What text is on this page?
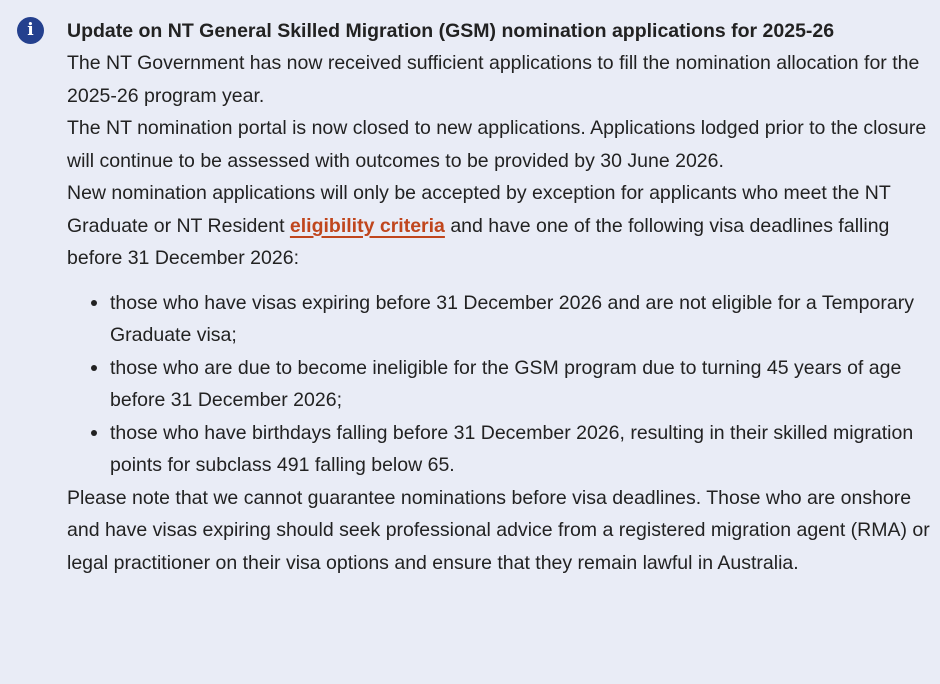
i	Update on NT General Skilled Migration (GSM) nomination applications for 2025-26

The NT Government has now received sufficient applications to fill the nomination allocation for the 2025-26 program year.

The NT nomination portal is now closed to new applications. Applications lodged prior to the closure will continue to be assessed with outcomes to be provided by 30 June 2026.

New nomination applications will only be accepted by exception for applicants who meet the NT Graduate or NT Resident eligibility criteria and have one of the following visa deadlines falling before 31 December 2026:

those who have visas expiring before 31 December 2026 and are not eligible for a Temporary Graduate visa;
those who are due to become ineligible for the GSM program due to turning 45 years of age before 31 December 2026;
those who have birthdays falling before 31 December 2026, resulting in their skilled migration points for subclass 491 falling below 65.

Please note that we cannot guarantee nominations before visa deadlines. Those who are onshore and have visas expiring should seek professional advice from a registered migration agent (RMA) or legal practitioner on their visa options and ensure that they remain lawful in Australia.
